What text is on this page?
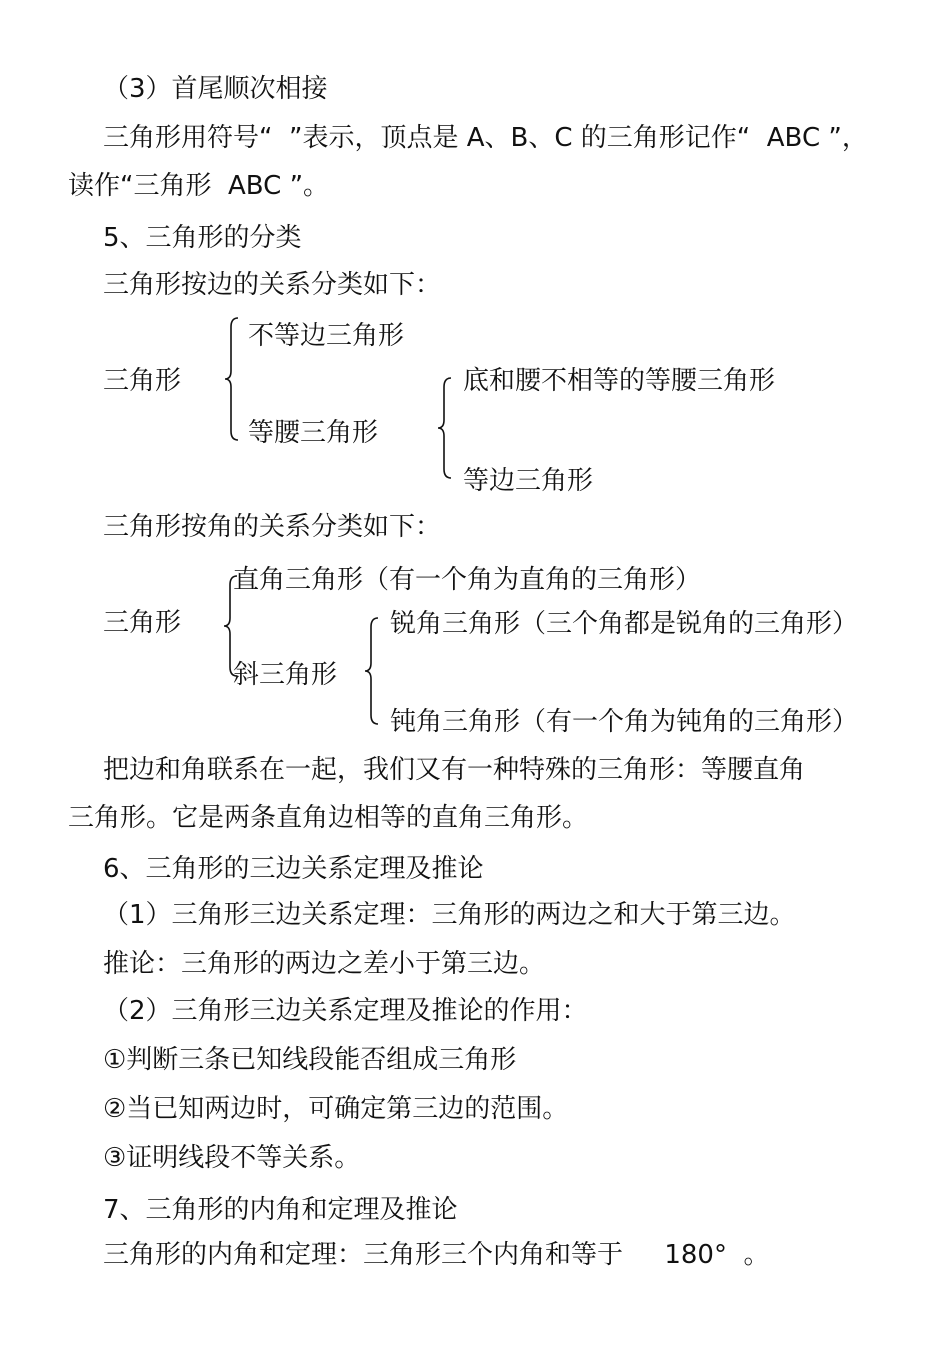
（3）首尾顺次相接
三角形用符号“  ”表示，顶点是 A、B、C 的三角形记作“  ABC ”，
读作“三角形  ABC ”。
5、三角形的分类
三角形按边的关系分类如下：
三角形
不等边三角形
等腰三角形
底和腰不相等的等腰三角形
等边三角形
三角形按角的关系分类如下：
三角形
直角三角形（有一个角为直角的三角形）
斜三角形
锐角三角形（三个角都是锐角的三角形）
钝角三角形（有一个角为钝角的三角形）
把边和角联系在一起，我们又有一种特殊的三角形：等腰直角
三角形。它是两条直角边相等的直角三角形。
6、三角形的三边关系定理及推论
（1）三角形三边关系定理：三角形的两边之和大于第三边。
推论：三角形的两边之差小于第三边。
（2）三角形三边关系定理及推论的作用：
①判断三条已知线段能否组成三角形
②当已知两边时，可确定第三边的范围。
③证明线段不等关系。
7、三角形的内角和定理及推论
三角形的内角和定理：三角形三个内角和等于     180°  。
